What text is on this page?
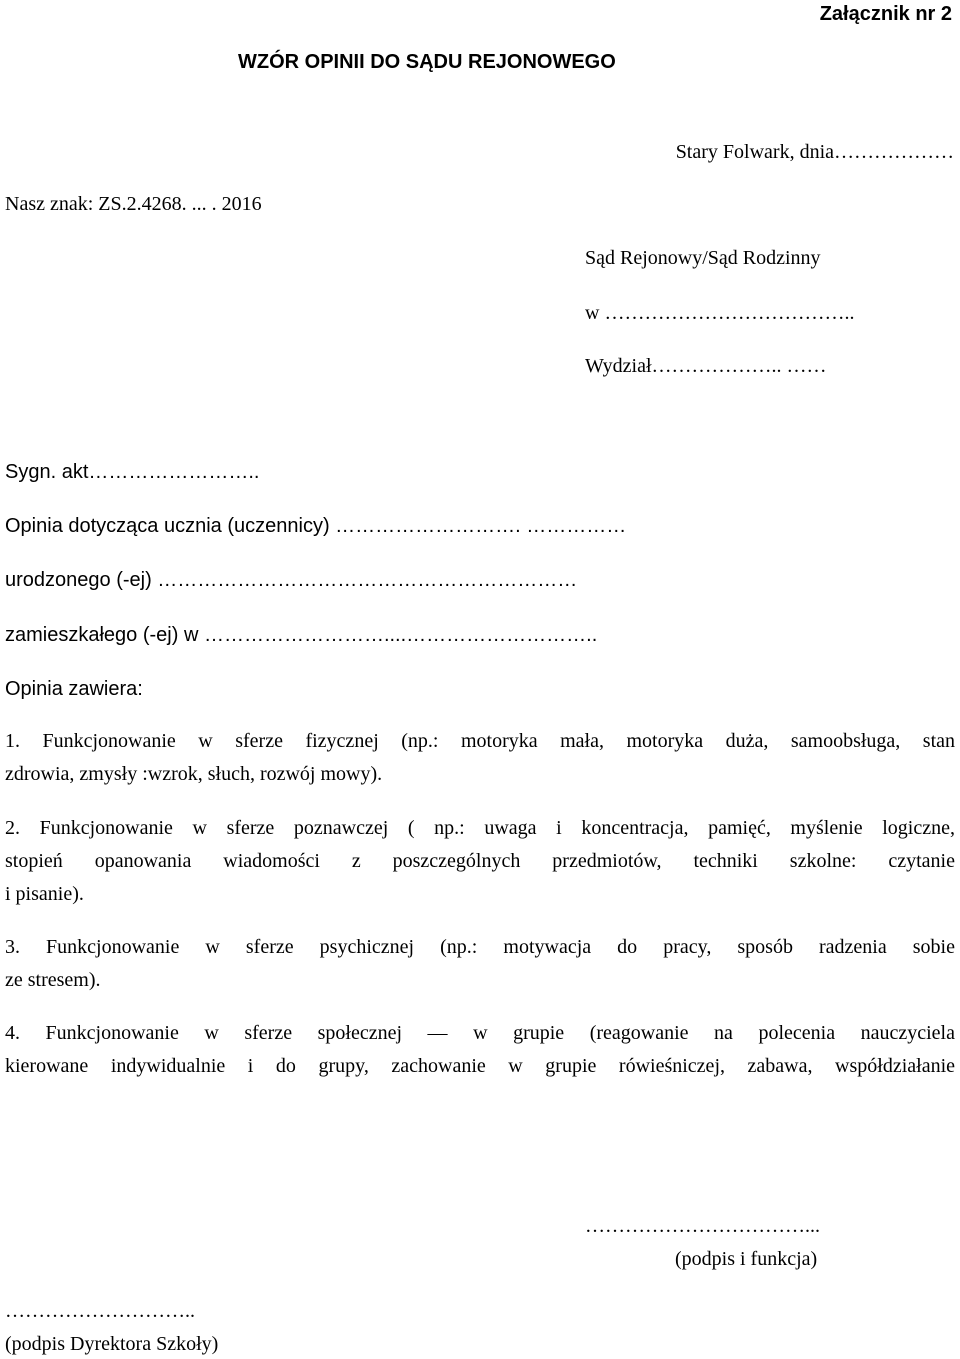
Załącznik nr 2
WZÓR OPINII DO SĄDU REJONOWEGO
Stary Folwark, dnia………………
Nasz znak: ZS.2.4268. ... . 2016
Sąd Rejonowy/Sąd Rodzinny
w ………………………………..
Wydział……………….. ……
Sygn. akt……………………..
Opinia dotycząca ucznia (uczennicy) ………………………. ……………
urodzonego (-ej) ………………………………………………………
zamieszkałego (-ej) w ………………………....………………………..
Opinia zawiera:
1. Funkcjonowanie w sferze fizycznej (np.: motoryka mała, motoryka duża, samoobsługa, stan
zdrowia, zmysły :wzrok, słuch, rozwój mowy).
2. Funkcjonowanie w sferze poznawczej ( np.: uwaga i koncentracja, pamięć, myślenie logiczne,
stopień opanowania wiadomości z poszczególnych przedmiotów, techniki szkolne: czytanie
i pisanie).
3. Funkcjonowanie w sferze psychicznej (np.: motywacja do pracy, sposób radzenia sobie
ze stresem).
4. Funkcjonowanie w sferze społecznej — w grupie (reagowanie na polecenia nauczyciela
kierowane indywidualnie i do grupy, zachowanie w grupie rówieśniczej, zabawa, współdziałanie
……………………………...
(podpis i funkcja)
………………………..
(podpis Dyrektora Szkoły)
